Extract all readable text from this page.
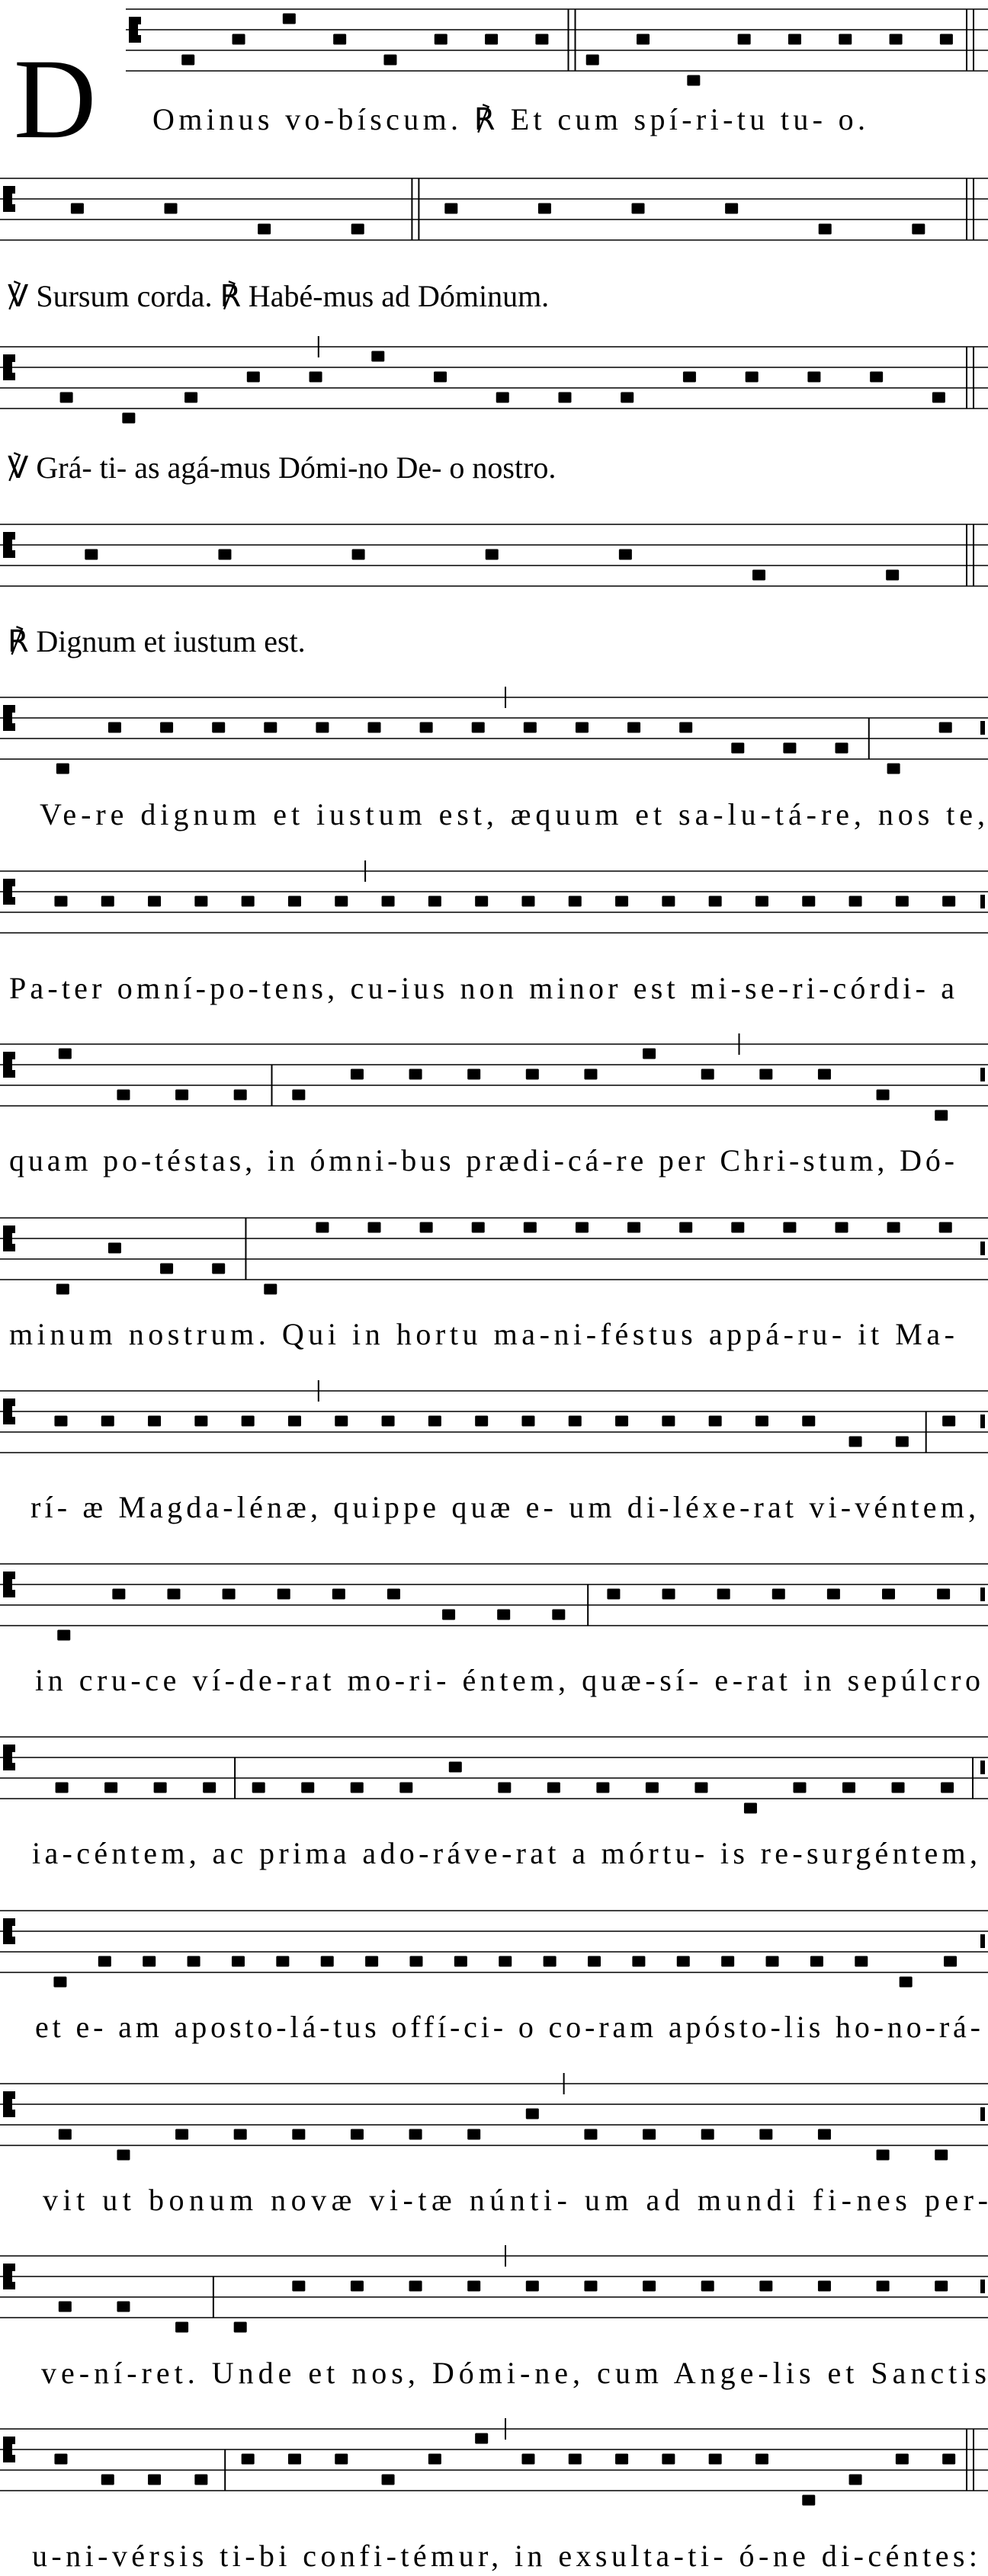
D Ominus vo-bíscum. ℟ Et cum spí-ri-tu tu- o.
℣ Sursum corda. ℟ Habé-mus ad Dóminum.
℣ Grá- ti- as agá-mus Dómi-no De- o nostro.
℟ Dignum et iustum est.
Ve-re dignum et iustum est, æquum et sa-lu-tá-re, nos te,
Pa-ter omní-po-tens, cu-ius non minor est mi-se-ri-córdi- a
quam po-téstas, in ómni-bus prædi-cá-re per Chri-stum, Dó-
minum nostrum. Qui in hortu ma-ni-féstus appá-ru- it Ma-
rí- æ Magda-lénæ, quippe quæ e- um di-léxe-rat vi-véntem,
in cru-ce ví-de-rat mo-ri- éntem, quæ-sí- e-rat in sepúlcro
ia-céntem, ac prima ado-ráve-rat a mórtu- is re-surgéntem,
et e- am aposto-lá-tus offí-ci- o co-ram apósto-lis ho-no-rá-
vit ut bonum novæ vi-tæ núnti- um ad mundi fi-nes per-
ve-ní-ret. Unde et nos, Dómi-ne, cum Ange-lis et Sanctis
u-ni-vérsis ti-bi confi-témur, in exsulta-ti- ó-ne di-céntes:
